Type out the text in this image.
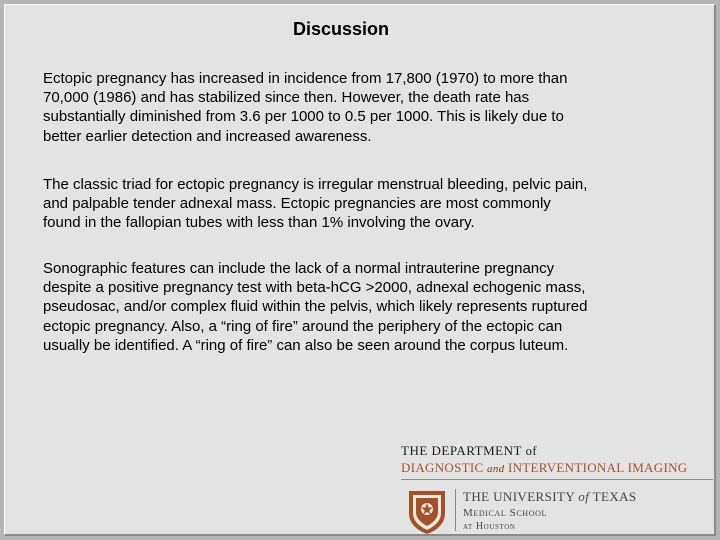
Discussion

Ectopic pregnancy has increased in incidence from 17,800 (1970) to more than
70,000 (1986) and has stabilized since then. However, the death rate has
substantially diminished from 3.6 per 1000 to 0.5 per 1000. This is likely due to
better earlier detection and increased awareness.

The classic triad for ectopic pregnancy is irregular menstrual bleeding, pelvic pain,
and palpable tender adnexal mass. Ectopic pregnancies are most commonly
found in the fallopian tubes with less than 1% involving the ovary.

Sonographic features can include the lack of a normal intrauterine pregnancy
despite a positive pregnancy test with beta-hCG >2000, adnexal echogenic mass,
pseudosac, and/or complex fluid within the pelvis, which likely represents ruptured
ectopic pregnancy. Also, a “ring of fire” around the periphery of the ectopic can
usually be identified. A “ring of fire” can also be seen around the corpus luteum.

THE DEPARTMENT of
DIAGNOSTIC and INTERVENTIONAL IMAGING
THE UNIVERSITY of TEXAS
Medical School
at Houston
